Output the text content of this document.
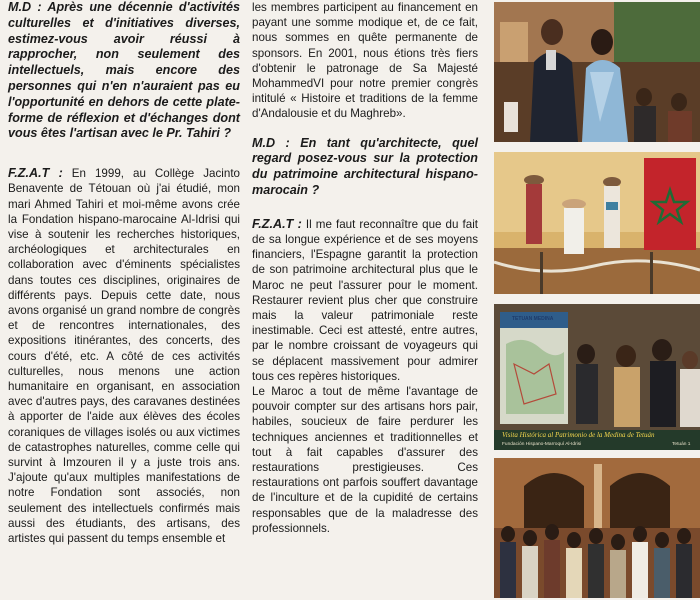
M.D : Après une décennie d'activités culturelles et d'initiatives diverses, estimez-vous avoir réussi à rapprocher, non seulement des intellectuels, mais encore des personnes qui n'en n'auraient pas eu l'opportunité en dehors de cette plate-forme de réflexion et d'échanges dont vous êtes l'artisan avec le Pr. Tahiri ?

F.Z.A.T : En 1999, au Collège Jacinto Benavente de Tétouan où j'ai étudié, mon mari Ahmed Tahiri et moi-même avons crée la Fondation hispano-marocaine Al-Idrisi qui vise à soutenir les recherches historiques, archéologiques et architecturales en collaboration avec d'éminents spécialistes dans toutes ces disciplines, originaires de différents pays. Depuis cette date, nous avons organisé un grand nombre de congrès et de rencontres internationales, des expositions itinérantes, des concerts, des cours d'été, etc. A côté de ces activités culturelles, nous menons une action humanitaire en organisant, en association avec d'autres pays, des caravanes destinées à apporter de l'aide aux élèves des écoles coraniques de villages isolés ou aux victimes de catastrophes naturelles, comme celle qui survint à Imzouren il y a juste trois ans. J'ajoute qu'aux multiples manifestations de notre Fondation sont associés, non seulement des intellectuels confirmés mais aussi des étudiants, des artisans, des artistes qui passent du temps ensemble et

les membres participent au financement en payant une somme modique et, de ce fait, nous sommes en quête permanente de sponsors. En 2001, nous étions très fiers d'obtenir le patronage de Sa Majesté MohammedVI pour notre premier congrès intitulé « Histoire et traditions de la femme d'Andalousie et du Maghreb».

M.D : En tant qu'architecte, quel regard posez-vous sur la protection du patrimoine architectural hispano-marocain ?

F.Z.A.T : Il me faut reconnaître que du fait de sa longue expérience et de ses moyens financiers, l'Espagne garantit la protection de son patrimoine architectural plus que le Maroc ne peut l'assurer pour le moment. Restaurer revient plus cher que construire mais la valeur patrimoniale reste inestimable. Ceci est attesté, entre autres, par le nombre croissant de voyageurs qui se déplacent massivement pour admirer tous ces repères historiques.

Le Maroc a tout de même l'avantage de pouvoir compter sur des artisans hors pair, habiles, soucieux de faire perdurer les techniques anciennes et traditionnelles et tout à fait capables d'assurer des restaurations prestigieuses. Ces restaurations ont parfois souffert davantage de l'inculture et de la cupidité de certains responsables que de la maladresse des professionnels.

TETUAN MEDINA
Visita Histórica al Patrimonio de la Medina de Tetuán
Fundación Hispano-Marroquí Al-Idrisi	Tetuán 1
